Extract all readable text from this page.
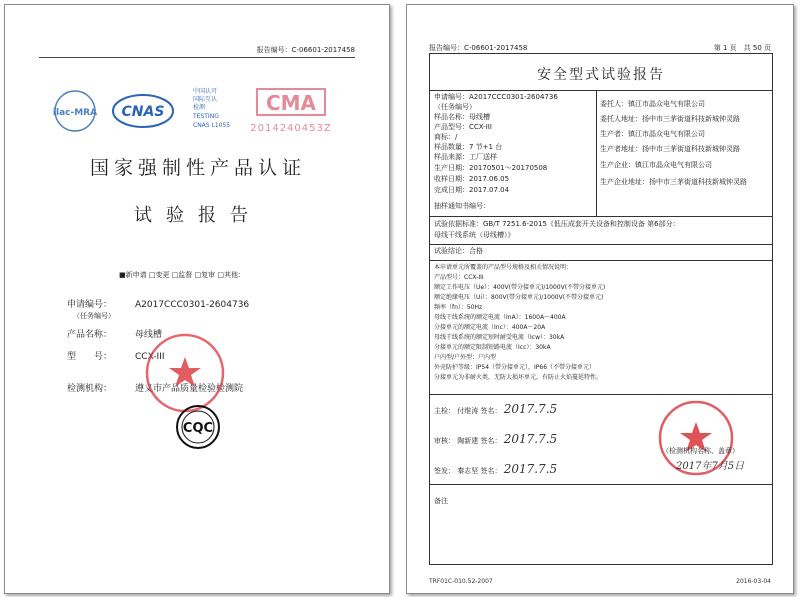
报告编号：C-06601-2017458
ilac-MRA CNAS
中国认可
国际互认
检测
TESTING
CNAS L1055
CMA
2014240453Z
国家强制性产品认证
试验报告
■新申请 □变更 □监督 □复审 □其他：
申请编号：	A2017CCC0301-2604736
（任务编号）
产品名称：	母线槽
型　　号：	CCX-III
检测机构：	遵义市产品质量检验检测院
CQC
报告编号：C-06601-2017458	第 1 页　共 50 页
安全型式试验报告
申请编号：A2017CCC0301-2604736
（任务编号）
样品名称：母线槽
产品型号：CCX-III
商标：/
样品数量：7 节+1 台
样品来源：工厂送样
生产日期：20170501～20170508
收样日期：2017.06.05
完成日期：2017.07.04
抽样通知书编号：
委托人：镇江市晶众电气有限公司
委托人地址：扬中市三茅街道科技新城钟灵路
生产者：镇江市晶众电气有限公司
生产者地址：扬中市三茅街道科技新城钟灵路
生产企业：镇江市晶众电气有限公司
生产企业地址：扬中市三茅街道科技新城钟灵路
试验依据标准：GB/T 7251.6-2015《低压成套开关设备和控制设备 第6部分：
母线干线系统（母线槽）》
试验结论：合格
本申请单元所覆盖的产品型号规格及相关情况说明：
产品型号：CCX-III
额定工作电压（Ue）：400V(带分接单元)/1000V(不带分接单元)
额定绝缘电压（Ui）：800V(带分接单元)/1000V(不带分接单元)
频率（fn）：50Hz
母线干线系统的额定电流（InA）：1600A～400A
分接单元的额定电流（Inc）：400A～20A
母线干线系统的额定短时耐受电流（Icw）：30kA
分接单元的额定限制短路电流（Icc）：30kA
户内型/户外型：户内型
外壳防护等级：IP54（带分接单元），IP66（不带分接单元）
分接单元为非耐火类，无防大损坏单元，有防止火焰蔓延特性。
主检： 付维涛 签名： 2017.7.5
审核： 陶新建 签名： 2017.7.5
签发： 秦志坚 签名： 2017.7.5
（检测机构名称、盖章）
2017年7月5日
备注
TRF01C-010.52-2007	2016-03-04
